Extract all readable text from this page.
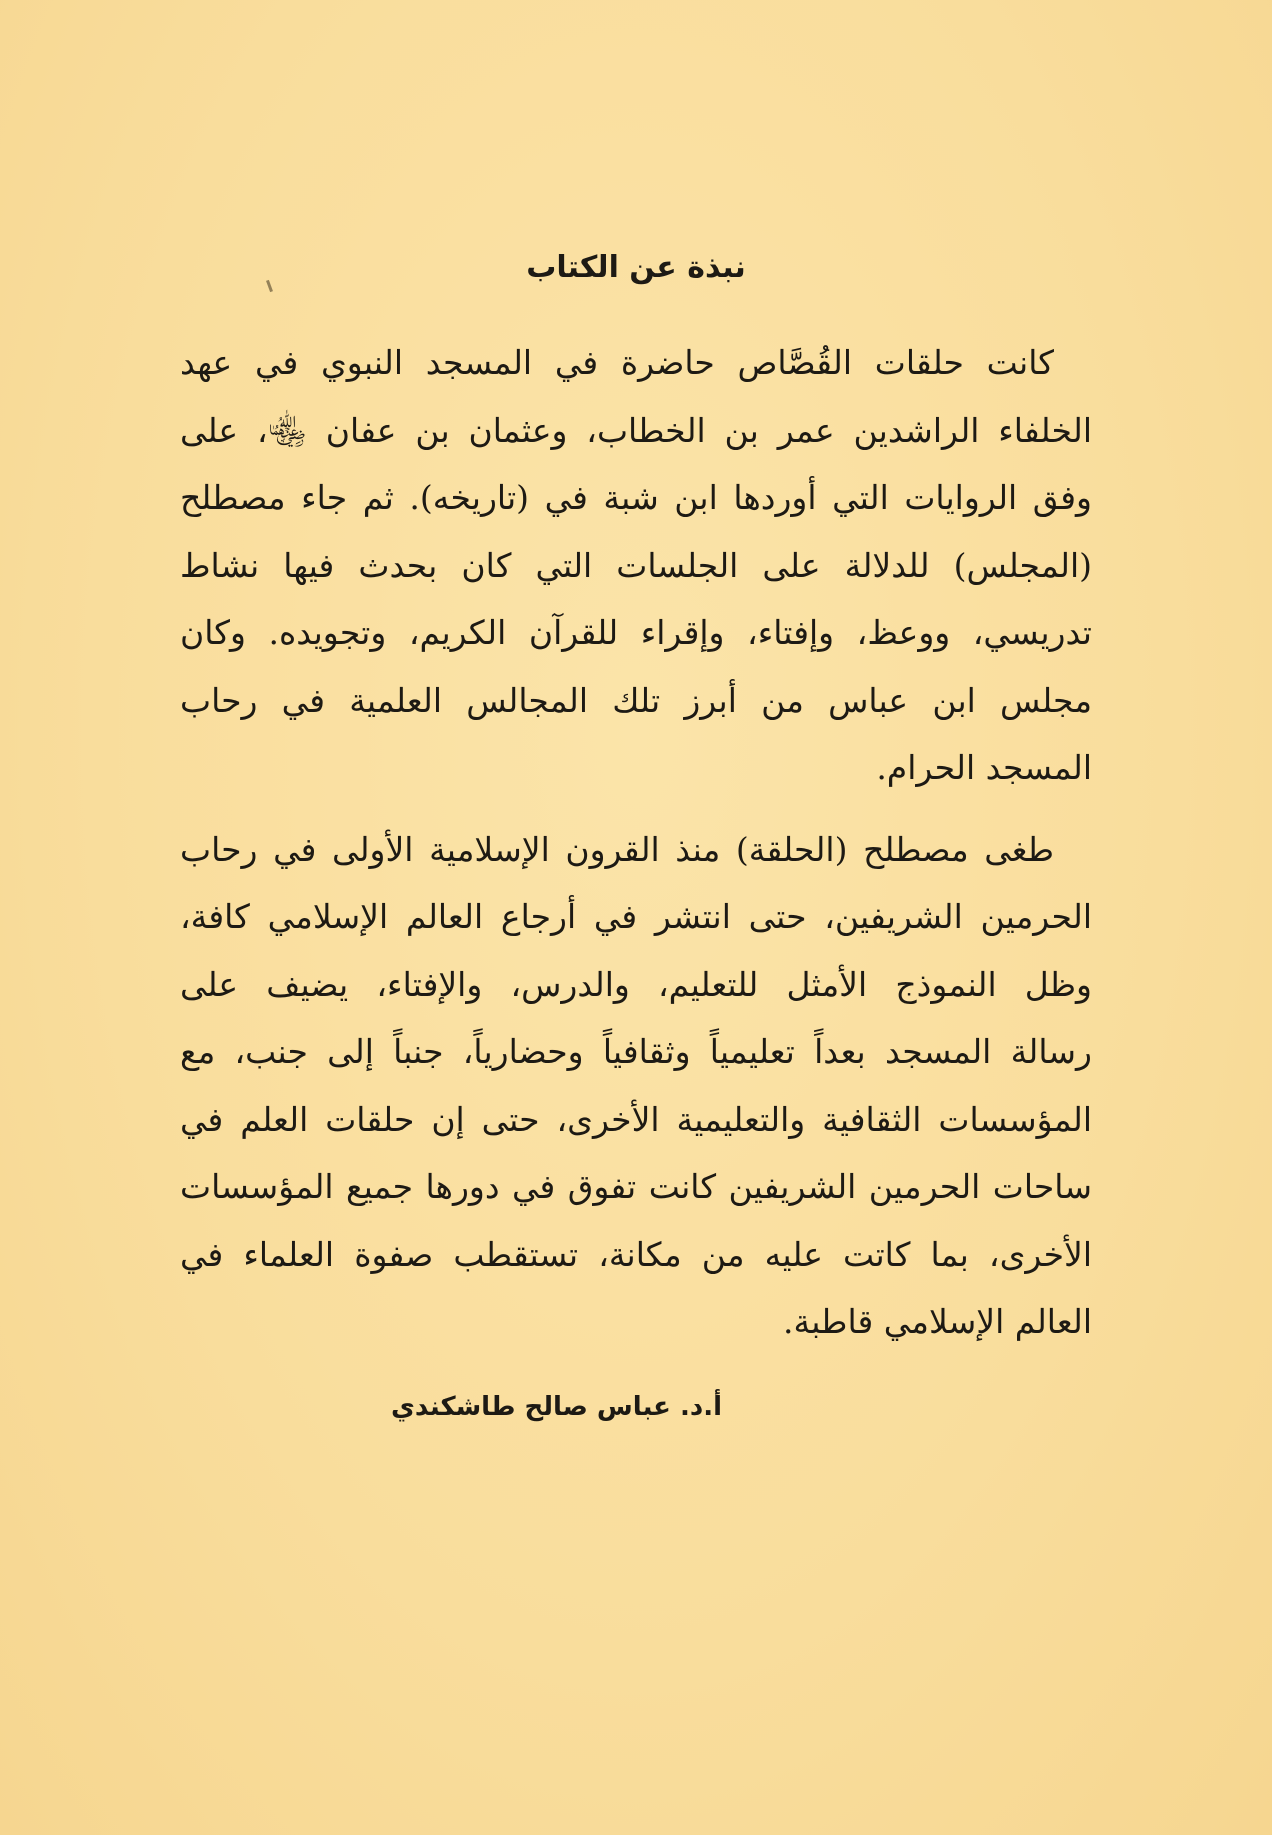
نبذة عن الكتاب
كانت حلقات القُصَّاص حاضرة في المسجد النبوي في عهد
الخلفاء الراشدين عمر بن الخطاب، وعثمان بن عفان ﵄، على
وفق الروايات التي أوردها ابن شبة في (تاريخه). ثم جاء مصطلح
(المجلس) للدلالة على الجلسات التي كان بحدث فيها نشاط
تدريسي، ووعظ، وإفتاء، وإقراء للقرآن الكريم، وتجويده. وكان
مجلس ابن عباس من أبرز تلك المجالس العلمية في رحاب
المسجد الحرام.
طغى مصطلح (الحلقة) منذ القرون الإسلامية الأولى في رحاب
الحرمين الشريفين، حتى انتشر في أرجاع العالم الإسلامي كافة،
وظل النموذج الأمثل للتعليم، والدرس، والإفتاء، يضيف على
رسالة المسجد بعداً تعليمياً وثقافياً وحضارياً، جنباً إلى جنب، مع
المؤسسات الثقافية والتعليمية الأخرى، حتى إن حلقات العلم في
ساحات الحرمين الشريفين كانت تفوق في دورها جميع المؤسسات
الأخرى، بما كاتت عليه من مكانة، تستقطب صفوة العلماء في
العالم الإسلامي قاطبة.
أ.د. عباس صالح طاشكندي
